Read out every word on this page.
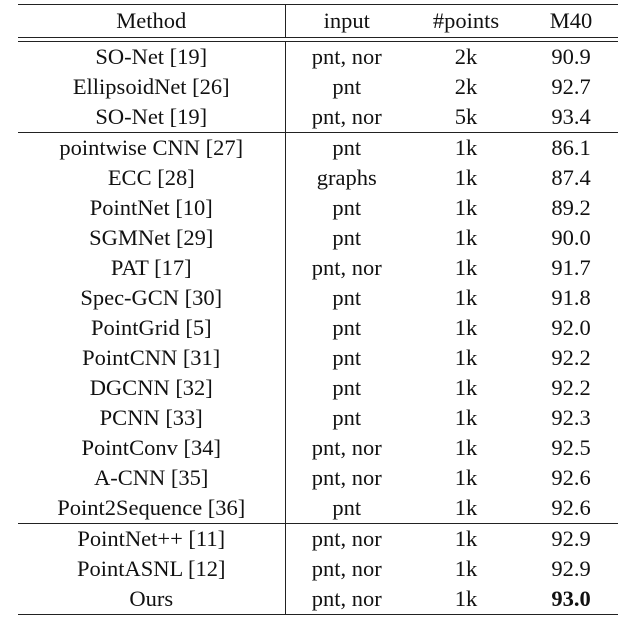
Method	input	#points	M40

SO-Net [19]	pnt, nor	2k	90.9
EllipsoidNet [26]	pnt	2k	92.7
SO-Net [19]	pnt, nor	5k	93.4
pointwise CNN [27]	pnt	1k	86.1
ECC [28]	graphs	1k	87.4
PointNet [10]	pnt	1k	89.2
SGMNet [29]	pnt	1k	90.0
PAT [17]	pnt, nor	1k	91.7
Spec-GCN [30]	pnt	1k	91.8
PointGrid [5]	pnt	1k	92.0
PointCNN [31]	pnt	1k	92.2
DGCNN [32]	pnt	1k	92.2
PCNN [33]	pnt	1k	92.3
PointConv [34]	pnt, nor	1k	92.5
A-CNN [35]	pnt, nor	1k	92.6
Point2Sequence [36]	pnt	1k	92.6
PointNet++ [11]	pnt, nor	1k	92.9
PointASNL [12]	pnt, nor	1k	92.9
Ours	pnt, nor	1k	93.0
